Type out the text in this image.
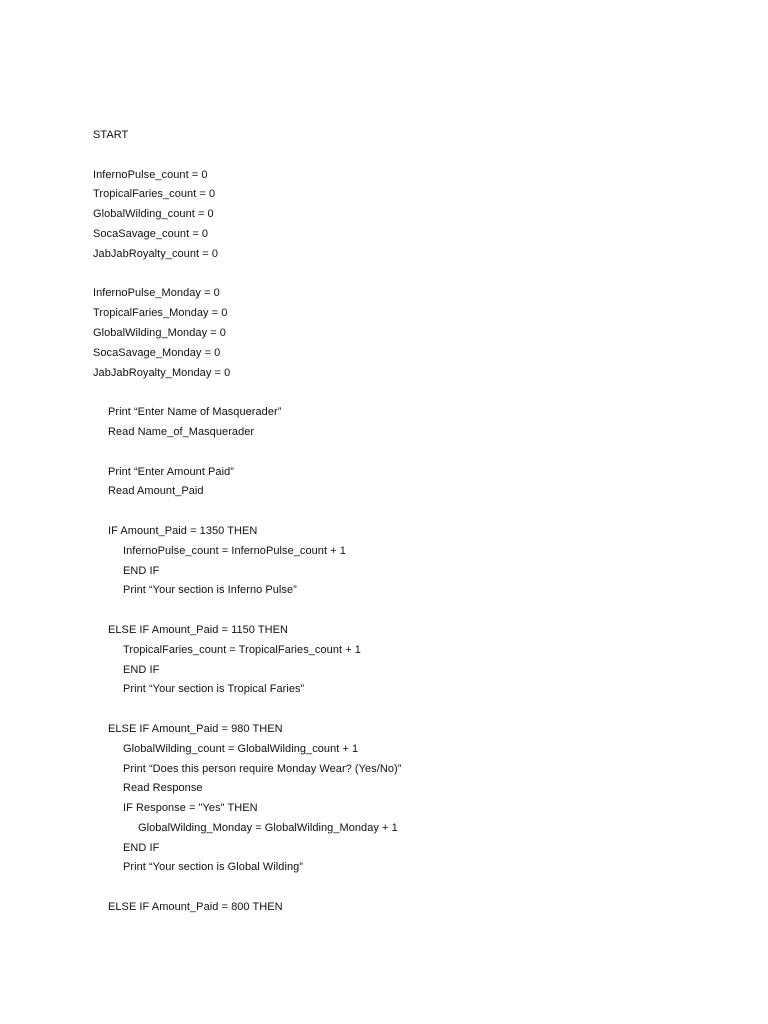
START
InfernoPulse_count = 0
TropicalFaries_count = 0
GlobalWilding_count = 0
SocaSavage_count = 0
JabJabRoyalty_count = 0
InfernoPulse_Monday = 0
TropicalFaries_Monday = 0
GlobalWilding_Monday = 0
SocaSavage_Monday = 0
JabJabRoyalty_Monday = 0
Print “Enter Name of Masquerader”
Read Name_of_Masquerader
Print “Enter Amount Paid”
Read Amount_Paid
IF Amount_Paid = 1350 THEN
InfernoPulse_count = InfernoPulse_count + 1
END IF
Print “Your section is Inferno Pulse”
ELSE IF Amount_Paid = 1150 THEN
TropicalFaries_count = TropicalFaries_count + 1
END IF
Print “Your section is Tropical Faries”
ELSE IF Amount_Paid = 980 THEN
GlobalWilding_count = GlobalWilding_count + 1
Print “Does this person require Monday Wear? (Yes/No)”
Read Response
IF Response = "Yes" THEN
GlobalWilding_Monday = GlobalWilding_Monday + 1
END IF
Print “Your section is Global Wilding”
ELSE IF Amount_Paid = 800 THEN
